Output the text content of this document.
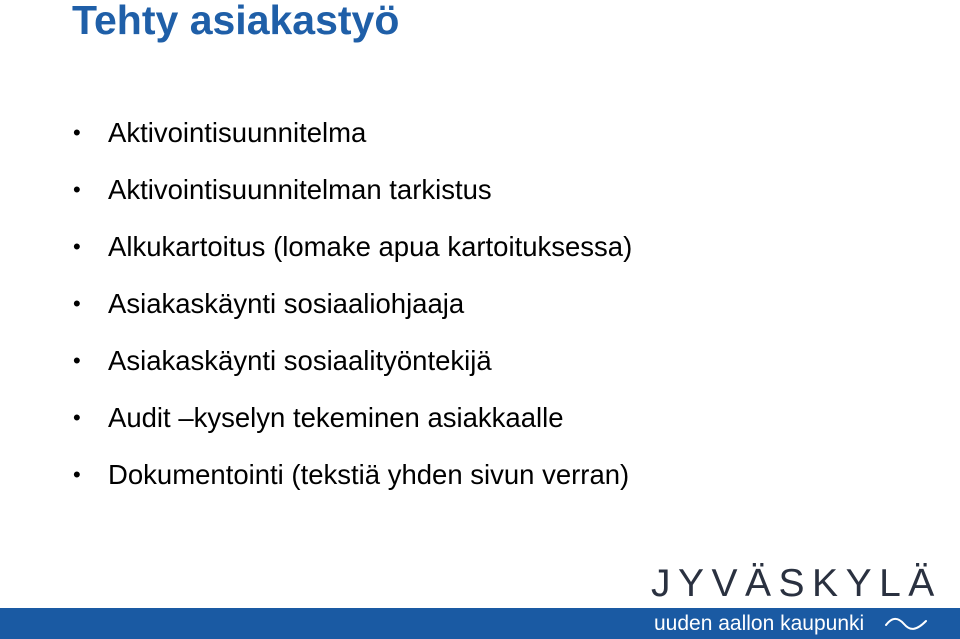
Tehty asiakastyö
• Aktivointisuunnitelma
• Aktivointisuunnitelman tarkistus
• Alkukartoitus (lomake apua kartoituksessa)
• Asiakaskäynti sosiaaliohjaaja
• Asiakaskäynti sosiaalityöntekijä
• Audit –kyselyn tekeminen asiakkaalle
• Dokumentointi (tekstiä yhden sivun verran)
JYVÄSKYLÄ
uuden aallon kaupunki
